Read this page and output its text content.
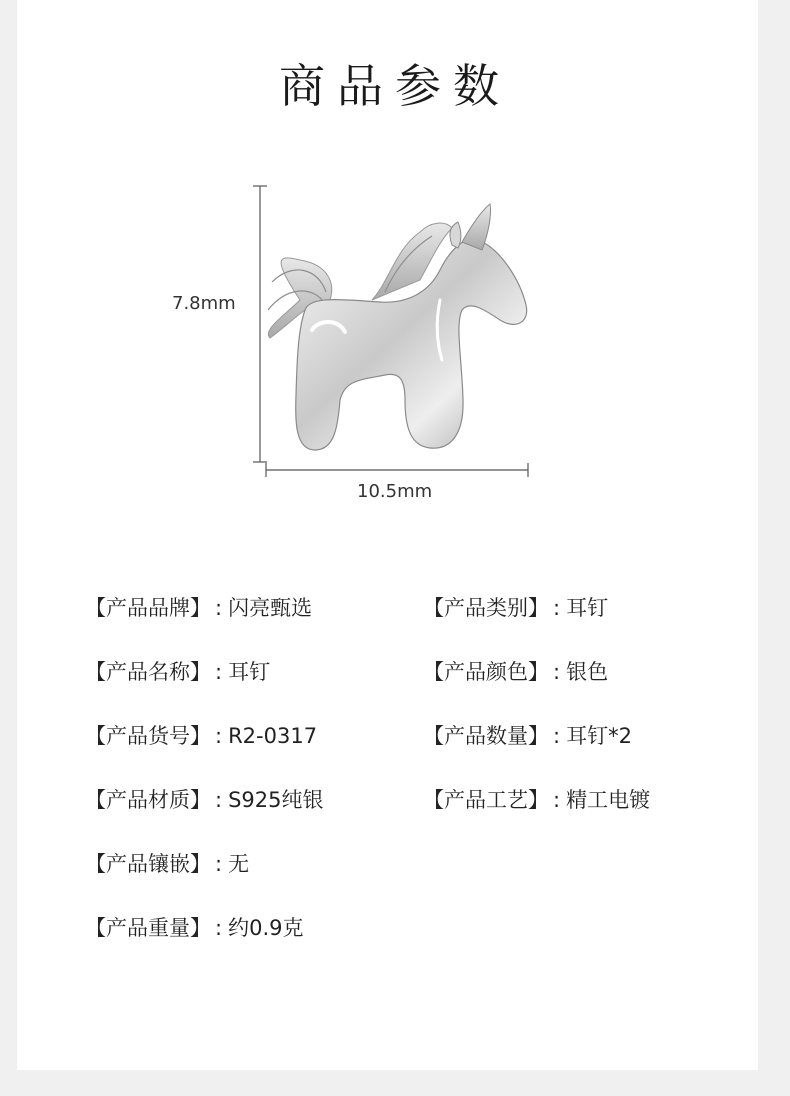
商品参数
7.8mm
10.5mm
【产品品牌】 : 闪亮甄选	【产品类别】 : 耳钉
【产品名称】 : 耳钉	【产品颜色】 : 银色
【产品货号】 : R2-0317	【产品数量】 : 耳钉*2
【产品材质】 : S925纯银	【产品工艺】 : 精工电镀
【产品镶嵌】 : 无
【产品重量】 : 约0.9克
